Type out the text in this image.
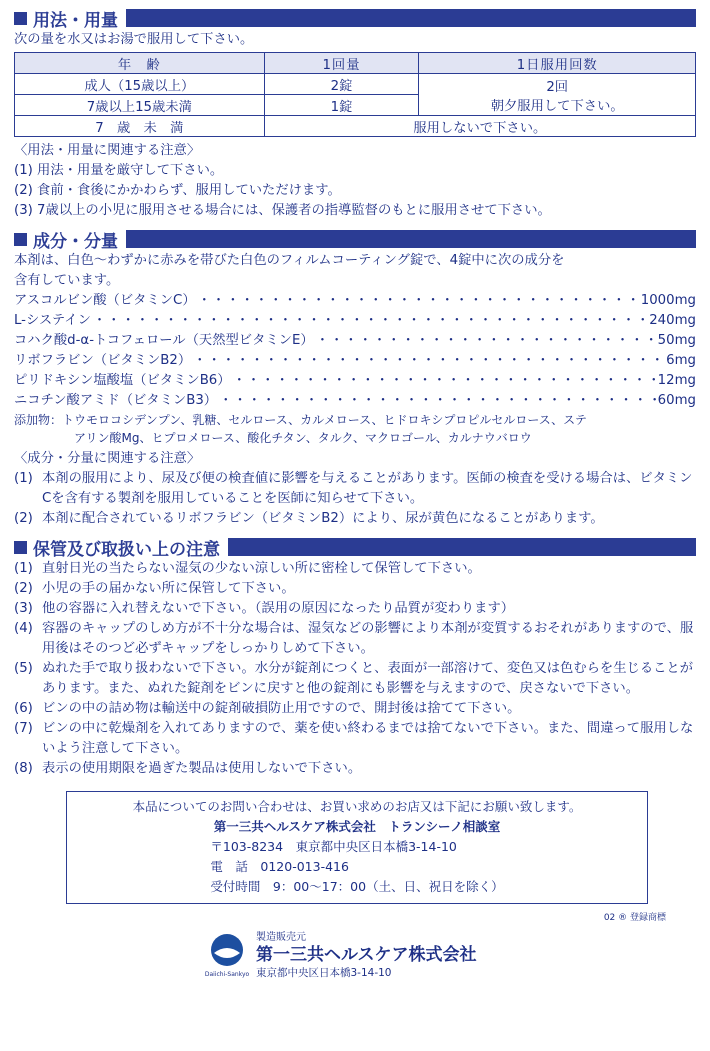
用法・用量
次の量を水又はお湯で服用して下さい。
年　齢	1回量	1日服用回数
成人（15歳以上）	2錠	2回
朝夕服用して下さい。

7歳以上15歳未満	1錠	
7　歳　未　満	服用しないで下さい。	
〈用法・用量に関連する注意〉
(1) 用法・用量を厳守して下さい。
(2) 食前・食後にかかわらず、服用していただけます。
(3) 7歳以上の小児に服用させる場合には、保護者の指導監督のもとに服用させて下さい。
成分・分量
本剤は、白色～わずかに赤みを帯びた白色のフィルムコーティング錠で、4錠中に次の成分を
含有しています。
アスコルビン酸（ビタミンC） ・・・・・・・・・・・・・・・・・・・・・・・・・・・・・・・・・・・・・・・・・・・・・・・・・・・・・・・・・・・・・・・・・・・・	1000mg
L-システイン ・・・・・・・・・・・・・・・・・・・・・・・・・・・・・・・・・・・・・・・・・・・・・・・・・・・・・・・・・・・・・・・・・・・・	240mg
コハク酸d-α-トコフェロール（天然型ビタミンE） ・・・・・・・・・・・・・・・・・・・・・・・・・・・・・・・・・・・・・・・・・・・・・・・・・・・・・・・・・・・・・・・・・・・・	50mg
リボフラビン（ビタミンB2） ・・・・・・・・・・・・・・・・・・・・・・・・・・・・・・・・・・・・・・・・・・・・・・・・・・・・・・・・・・・・・・・・・・・・	6mg
ピリドキシン塩酸塩（ビタミンB6） ・・・・・・・・・・・・・・・・・・・・・・・・・・・・・・・・・・・・・・・・・・・・・・・・・・・・・・・・・・・・・・・・・・・・	12mg
ニコチン酸アミド（ビタミンB3） ・・・・・・・・・・・・・・・・・・・・・・・・・・・・・・・・・・・・・・・・・・・・・・・・・・・・・・・・・・・・・・・・・・・・	60mg
添加物：トウモロコシデンプン、乳糖、セルロース、カルメロース、ヒドロキシプロピルセルロース、ステ
アリン酸Mg、ヒプロメロース、酸化チタン、タルク、マクロゴール、カルナウバロウ
〈成分・分量に関連する注意〉
(1) 本剤の服用により、尿及び便の検査値に影響を与えることがあります。医師の検査を受ける場合は、ビタミンCを含有する製剤を服用していることを医師に知らせて下さい。
(2) 本剤に配合されているリボフラビン（ビタミンB2）により、尿が黄色になることがあります。
保管及び取扱い上の注意
(1) 直射日光の当たらない湿気の少ない涼しい所に密栓して保管して下さい。
(2) 小児の手の届かない所に保管して下さい。
(3) 他の容器に入れ替えないで下さい。（誤用の原因になったり品質が変わります）
(4) 容器のキャップのしめ方が不十分な場合は、湿気などの影響により本剤が変質するおそれがありますので、服用後はそのつど必ずキャップをしっかりしめて下さい。
(5) ぬれた手で取り扱わないで下さい。水分が錠剤につくと、表面が一部溶けて、変色又は色むらを生じることがあります。また、ぬれた錠剤をビンに戻すと他の錠剤にも影響を与えますので、戻さないで下さい。
(6) ビンの中の詰め物は輸送中の錠剤破損防止用ですので、開封後は捨てて下さい。
(7) ビンの中に乾燥剤を入れてありますので、薬を使い終わるまでは捨てないで下さい。また、間違って服用しないよう注意して下さい。
(8) 表示の使用期限を過ぎた製品は使用しないで下さい。
本品についてのお問い合わせは、お買い求めのお店又は下記にお願い致します。
第一三共ヘルスケア株式会社　トランシーノ相談室
〒103-8234　東京都中央区日本橋3-14-10
電　話　0120-013-416
受付時間　9：00～17：00（土、日、祝日を除く）
02 ® 登録商標
Daiichi-Sankyo
製造販売元
第一三共ヘルスケア株式会社
東京都中央区日本橋3-14-10
